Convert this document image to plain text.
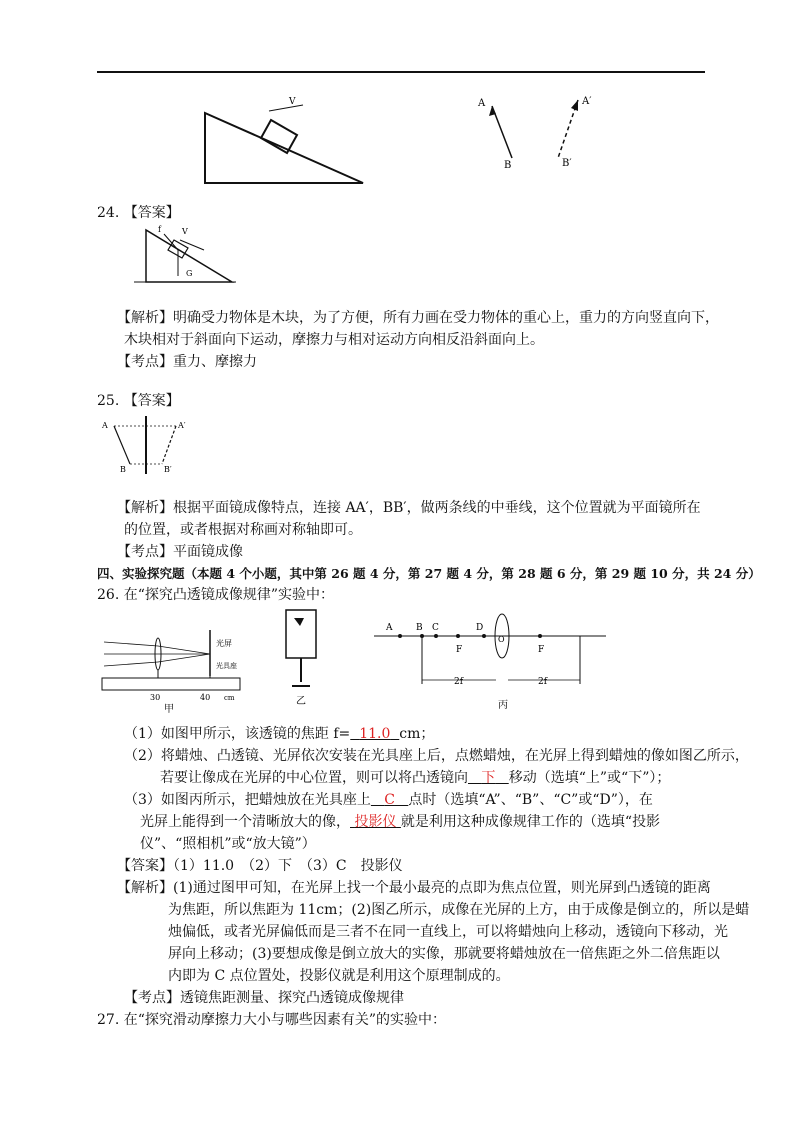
V	A
B
A′
B′
24. 【答案】
f	V
G
【解析】明确受力物体是木块，为了方便，所有力画在受力物体的重心上，重力的方向竖直向下，
木块相对于斜面向下运动，摩擦力与相对运动方向相反沿斜面向上。
【考点】重力、摩擦力
25. 【答案】
A
B
A′
B′
【解析】根据平面镜成像特点，连接 AA′，BB′，做两条线的中垂线，这个位置就为平面镜所在
的位置，或者根据对称画对称轴即可。
【考点】平面镜成像
四、实验探究题（本题 4 个小题，其中第 26 题 4 分，第 27 题 4 分，第 28 题 6 分，第 29 题 10 分，共 24 分）
26. 在“探究凸透镜成像规律”实验中：
光屏
光具座
30	40 cm
甲
乙
A	B C	D
O
F	F
2f	2f
丙
（1）如图甲所示，该透镜的焦距 f= 11.0 cm；
（2）将蜡烛、凸透镜、光屏依次安装在光具座上后，点燃蜡烛，在光屏上得到蜡烛的像如图乙所示，
若要让像成在光屏的中心位置，则可以将凸透镜向 下 移动（选填“上”或“下”）；
（3）如图丙所示，把蜡烛放在光具座上 C 点时（选填“A”、“B”、“C”或“D”），在
光屏上能得到一个清晰放大的像， 投影仪 就是利用这种成像规律工作的（选填“投影
仪”、“照相机”或“放大镜”）
【答案】（1）11.0　（2）下　（3）C　投影仪
【解析】(1)通过图甲可知，在光屏上找一个最小最亮的点即为焦点位置，则光屏到凸透镜的距离
为焦距，所以焦距为 11cm；(2)图乙所示，成像在光屏的上方，由于成像是倒立的，所以是蜡
烛偏低，或者光屏偏低而是三者不在同一直线上，可以将蜡烛向上移动，透镜向下移动，光
屏向上移动；(3)要想成像是倒立放大的实像，那就要将蜡烛放在一倍焦距之外二倍焦距以
内即为 C 点位置处，投影仪就是利用这个原理制成的。
【考点】透镜焦距测量、探究凸透镜成像规律
27. 在“探究滑动摩擦力大小与哪些因素有关”的实验中：
